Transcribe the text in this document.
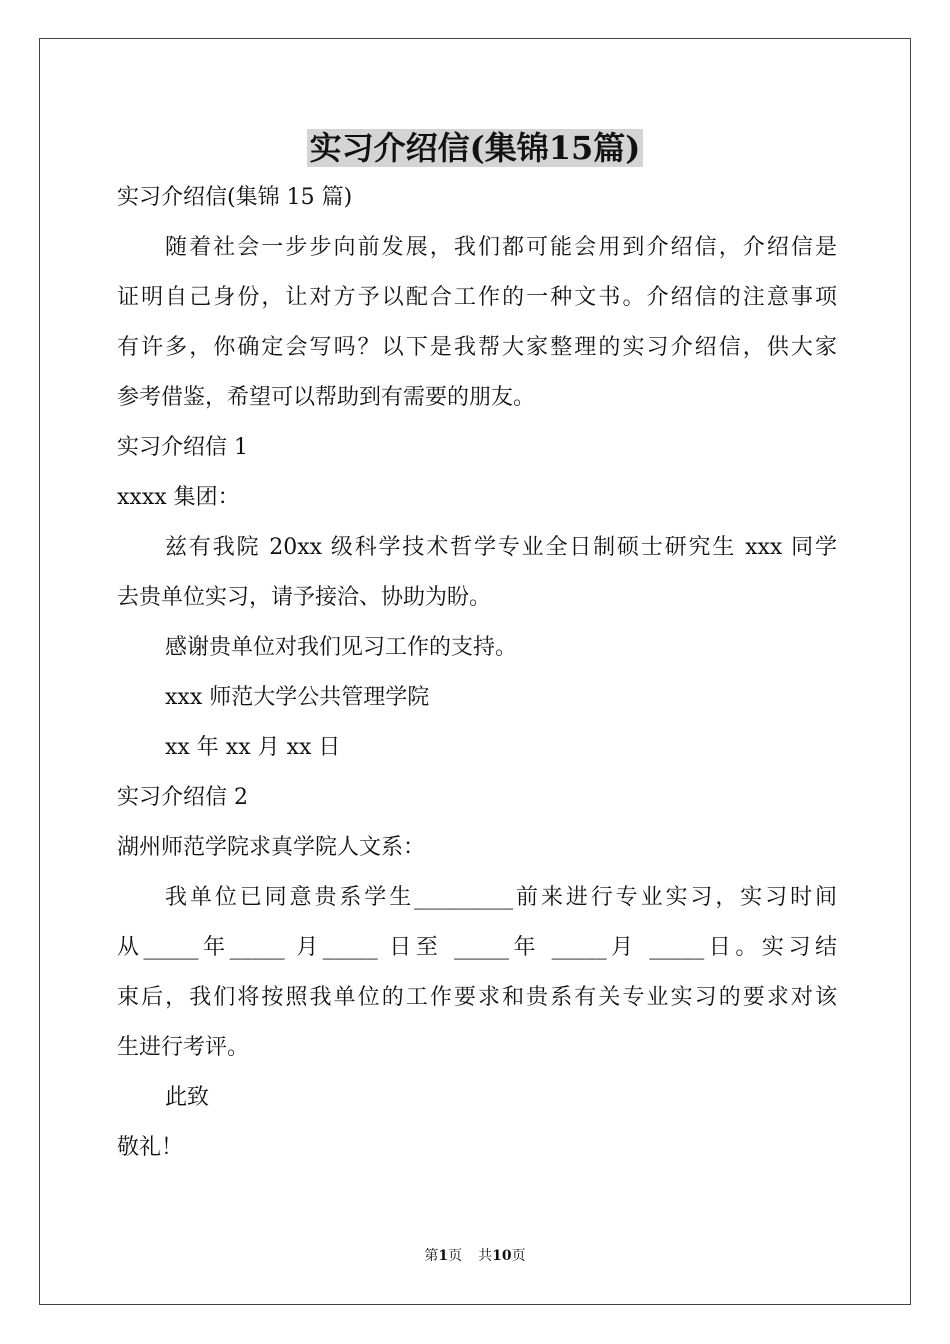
实习介绍信(集锦15篇)
实习介绍信(集锦 15 篇)
随着社会一步步向前发展，我们都可能会用到介绍信，介绍信是
证明自己身份，让对方予以配合工作的一种文书。介绍信的注意事项
有许多，你确定会写吗？以下是我帮大家整理的实习介绍信，供大家
参考借鉴，希望可以帮助到有需要的朋友。
实习介绍信 1
xxxx 集团：
兹有我院 20xx 级科学技术哲学专业全日制硕士研究生 xxx 同学
去贵单位实习，请予接洽、协助为盼。
感谢贵单位对我们见习工作的支持。
xxx 师范大学公共管理学院
xx 年 xx 月 xx 日
实习介绍信 2
湖州师范学院求真学院人文系：
我单位已同意贵系学生_________前来进行专业实习，实习时间
从_____年_____ 月_____ 日至 _____年 _____月 _____日。实习结
束后，我们将按照我单位的工作要求和贵系有关专业实习的要求对该
生进行考评。
此致
敬礼！
第1页 共10页
